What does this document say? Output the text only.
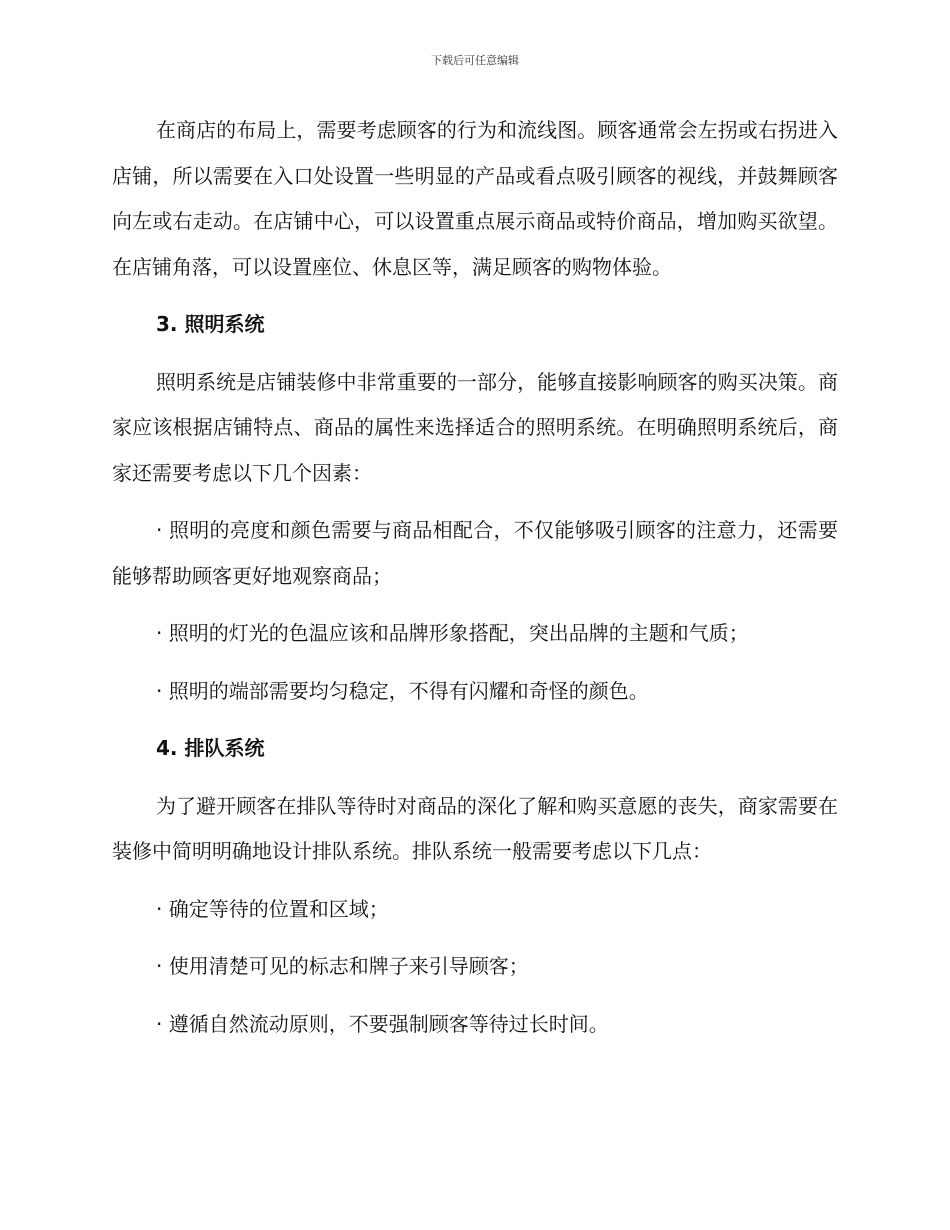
下载后可任意编辑

在商店的布局上，需要考虑顾客的行为和流线图。顾客通常会左拐或右拐进入店铺，所以需要在入口处设置一些明显的产品或看点吸引顾客的视线，并鼓舞顾客向左或右走动。在店铺中心，可以设置重点展示商品或特价商品，增加购买欲望。在店铺角落，可以设置座位、休息区等，满足顾客的购物体验。

3. 照明系统

照明系统是店铺装修中非常重要的一部分，能够直接影响顾客的购买决策。商家应该根据店铺特点、商品的属性来选择适合的照明系统。在明确照明系统后，商家还需要考虑以下几个因素：

· 照明的亮度和颜色需要与商品相配合，不仅能够吸引顾客的注意力，还需要能够帮助顾客更好地观察商品；

· 照明的灯光的色温应该和品牌形象搭配，突出品牌的主题和气质；

· 照明的端部需要均匀稳定，不得有闪耀和奇怪的颜色。

4. 排队系统

为了避开顾客在排队等待时对商品的深化了解和购买意愿的丧失，商家需要在装修中简明明确地设计排队系统。排队系统一般需要考虑以下几点：

· 确定等待的位置和区域；

· 使用清楚可见的标志和牌子来引导顾客；

· 遵循自然流动原则，不要强制顾客等待过长时间。
